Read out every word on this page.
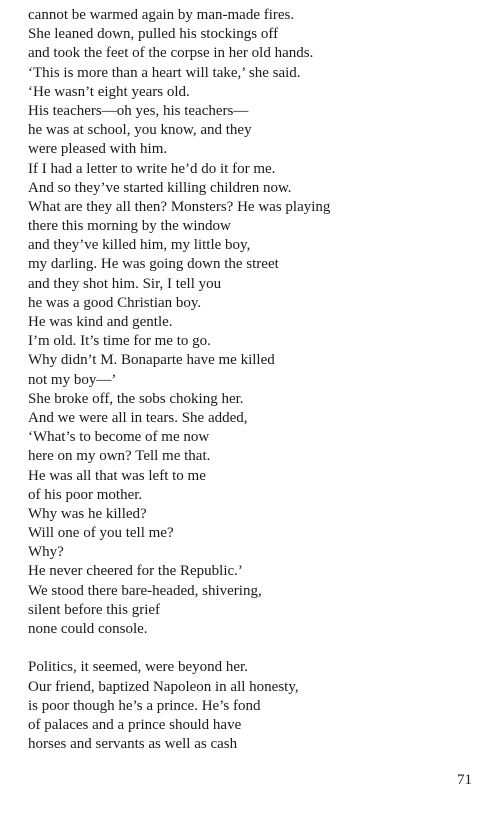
cannot be warmed again by man-made fires.
She leaned down, pulled his stockings off
and took the feet of the corpse in her old hands.
‘This is more than a heart will take,’ she said.
‘He wasn’t eight years old.
His teachers—oh yes, his teachers—
he was at school, you know, and they
were pleased with him.
If I had a letter to write he’d do it for me.
And so they’ve started killing children now.
What are they all then? Monsters? He was playing
there this morning by the window
and they’ve killed him, my little boy,
my darling. He was going down the street
and they shot him. Sir, I tell you
he was a good Christian boy.
He was kind and gentle.
I’m old. It’s time for me to go.
Why didn’t M. Bonaparte have me killed
not my boy—’
She broke off, the sobs choking her.
And we were all in tears. She added,
‘What’s to become of me now
here on my own? Tell me that.
He was all that was left to me
of his poor mother.
Why was he killed?
Will one of you tell me?
Why?
He never cheered for the Republic.’
We stood there bare-headed, shivering,
silent before this grief
none could console.
Politics, it seemed, were beyond her.
Our friend, baptized Napoleon in all honesty,
is poor though he’s a prince. He’s fond
of palaces and a prince should have
horses and servants as well as cash
71
